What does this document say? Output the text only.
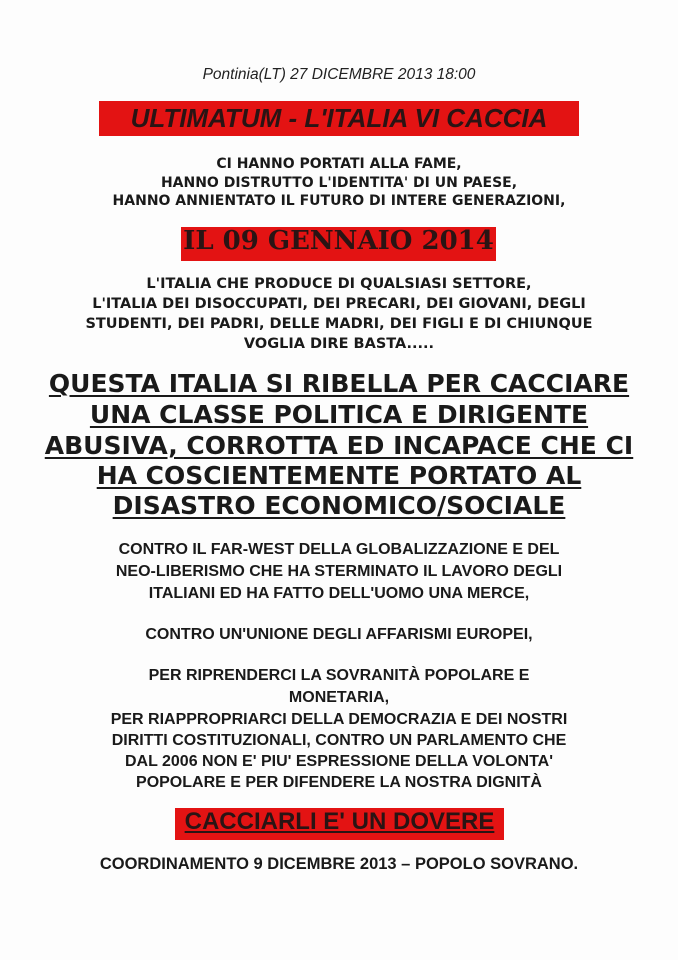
Pontinia(LT) 27 DICEMBRE 2013 18:00

ULTIMATUM - L'ITALIA VI CACCIA

CI HANNO PORTATI ALLA FAME,

HANNO DISTRUTTO L'IDENTITA' DI UN PAESE,

HANNO ANNIENTATO IL FUTURO DI INTERE GENERAZIONI,

IL 09 GENNAIO 2014

L'ITALIA CHE PRODUCE DI QUALSIASI SETTORE,

L'ITALIA DEI DISOCCUPATI, DEI PRECARI, DEI GIOVANI, DEGLI

STUDENTI, DEI PADRI, DELLE MADRI, DEI FIGLI E DI CHIUNQUE

VOGLIA DIRE BASTA.....

QUESTA ITALIA SI RIBELLA PER CACCIARE

UNA CLASSE POLITICA E DIRIGENTE

ABUSIVA, CORROTTA ED INCAPACE CHE CI

HA COSCIENTEMENTE PORTATO AL

DISASTRO ECONOMICO/SOCIALE

CONTRO IL FAR-WEST DELLA GLOBALIZZAZIONE E DEL

NEO-LIBERISMO CHE HA STERMINATO IL LAVORO DEGLI

ITALIANI ED HA FATTO DELL'UOMO UNA MERCE,

CONTRO UN'UNIONE DEGLI AFFARISMI EUROPEI,

PER RIPRENDERCI LA SOVRANITÀ POPOLARE E

MONETARIA,

PER RIAPPROPRIARCI DELLA DEMOCRAZIA E DEI NOSTRI

DIRITTI COSTITUZIONALI, CONTRO UN PARLAMENTO CHE

DAL 2006 NON E' PIU' ESPRESSIONE DELLA VOLONTA'

POPOLARE E PER DIFENDERE LA NOSTRA DIGNITÀ

CACCIARLI E' UN DOVERE

COORDINAMENTO 9 DICEMBRE 2013 – POPOLO SOVRANO.
